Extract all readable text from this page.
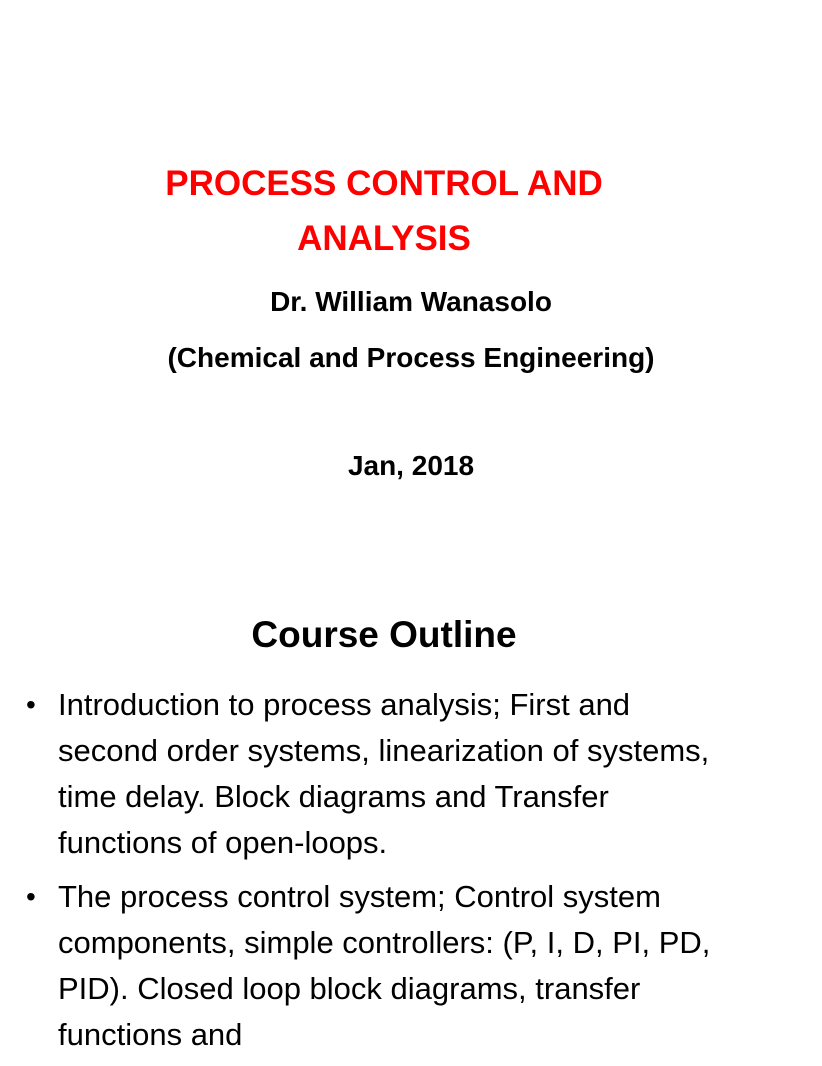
PROCESS CONTROL AND ANALYSIS

Dr. William Wanasolo

(Chemical and Process Engineering)

Jan, 2018

Course Outline
• Introduction to process analysis; First and second order systems, linearization of systems, time delay. Block diagrams and Transfer functions of open-loops.
• The process control system; Control system components, simple controllers: (P, I, D, PI, PD, PID). Closed loop block diagrams, transfer functions and
